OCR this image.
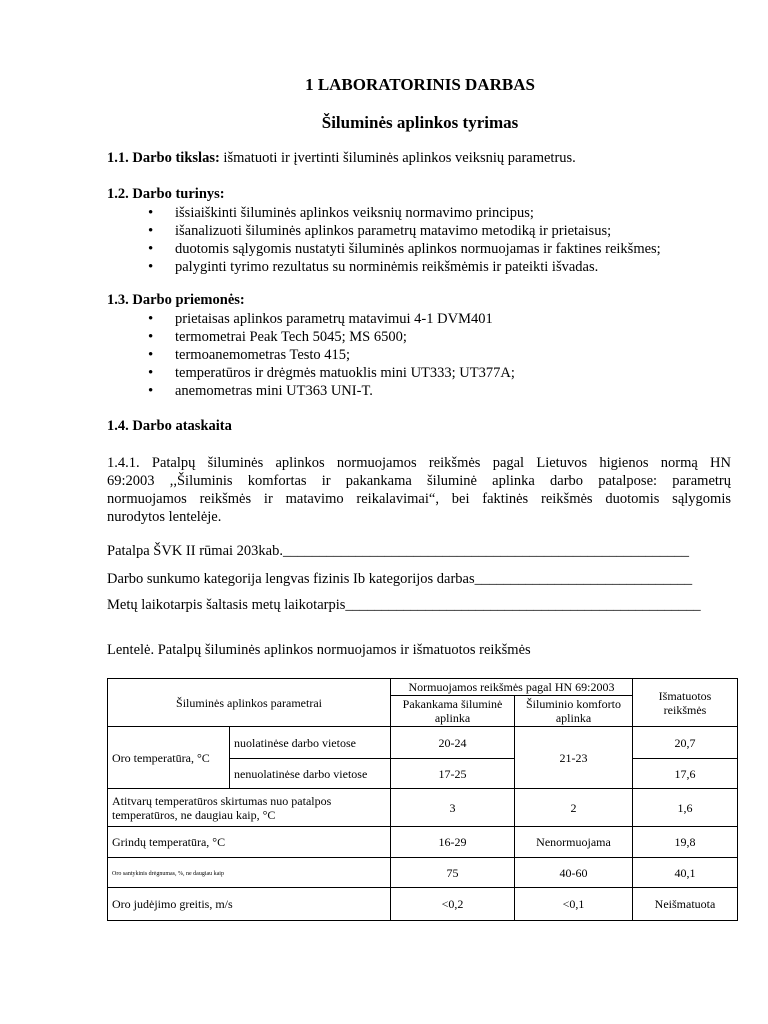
1 LABORATORINIS DARBAS
Šiluminės aplinkos tyrimas
1.1. Darbo tikslas: išmatuoti ir įvertinti šiluminės aplinkos veiksnių parametrus.
1.2. Darbo turinys:
• išsiaiškinti šiluminės aplinkos veiksnių normavimo principus;
• išanalizuoti šiluminės aplinkos parametrų matavimo metodiką ir prietaisus;
• duotomis sąlygomis nustatyti šiluminės aplinkos normuojamas ir faktines reikšmes;
• palyginti tyrimo rezultatus su norminėmis reikšmėmis ir pateikti išvadas.
1.3. Darbo priemonės:
• prietaisas aplinkos parametrų matavimui 4-1 DVM401
• termometrai Peak Tech 5045; MS 6500;
• termoanemometras Testo 415;
• temperatūros ir drėgmės matuoklis mini UT333; UT377A;
• anemometras mini UT363 UNI-T.
1.4. Darbo ataskaita
1.4.1. Patalpų šiluminės aplinkos normuojamos reikšmės pagal Lietuvos higienos normą HN
69:2003 ,,Šiluminis komfortas ir pakankama šiluminė aplinka darbo patalpose: parametrų
normuojamos reikšmės ir matavimo reikalavimai“, bei faktinės reikšmės duotomis sąlygomis
nurodytos lentelėje.
Patalpa ŠVK II rūmai 203kab.________________________________________________________
Darbo sunkumo kategorija lengvas fizinis Ib kategorijos darbas______________________________
Metų laikotarpis šaltasis metų laikotarpis_________________________________________________
Lentelė. Patalpų šiluminės aplinkos normuojamos ir išmatuotos reikšmės
Šiluminės aplinkos parametrai		Normuojamos reikšmės pagal HN 69:2003		Išmatuotos reikšmės
		Pakankama šiluminė aplinka	Šiluminio komforto aplinka	
Oro temperatūra, °C	nuolatinėse darbo vietose	20-24	21-23	20,7
	nenuolatinėse darbo vietose	17-25		17,6
Atitvarų temperatūros skirtumas nuo patalpos temperatūros, ne daugiau kaip, °C		3	2	1,6
Grindų temperatūra, °C		16-29	Nenormuojama	19,8
Oro santykinis drėgnumas, %, ne daugiau kaip		75	40-60	40,1
Oro judėjimo greitis, m/s		<0,2	<0,1	Neišmatuota
